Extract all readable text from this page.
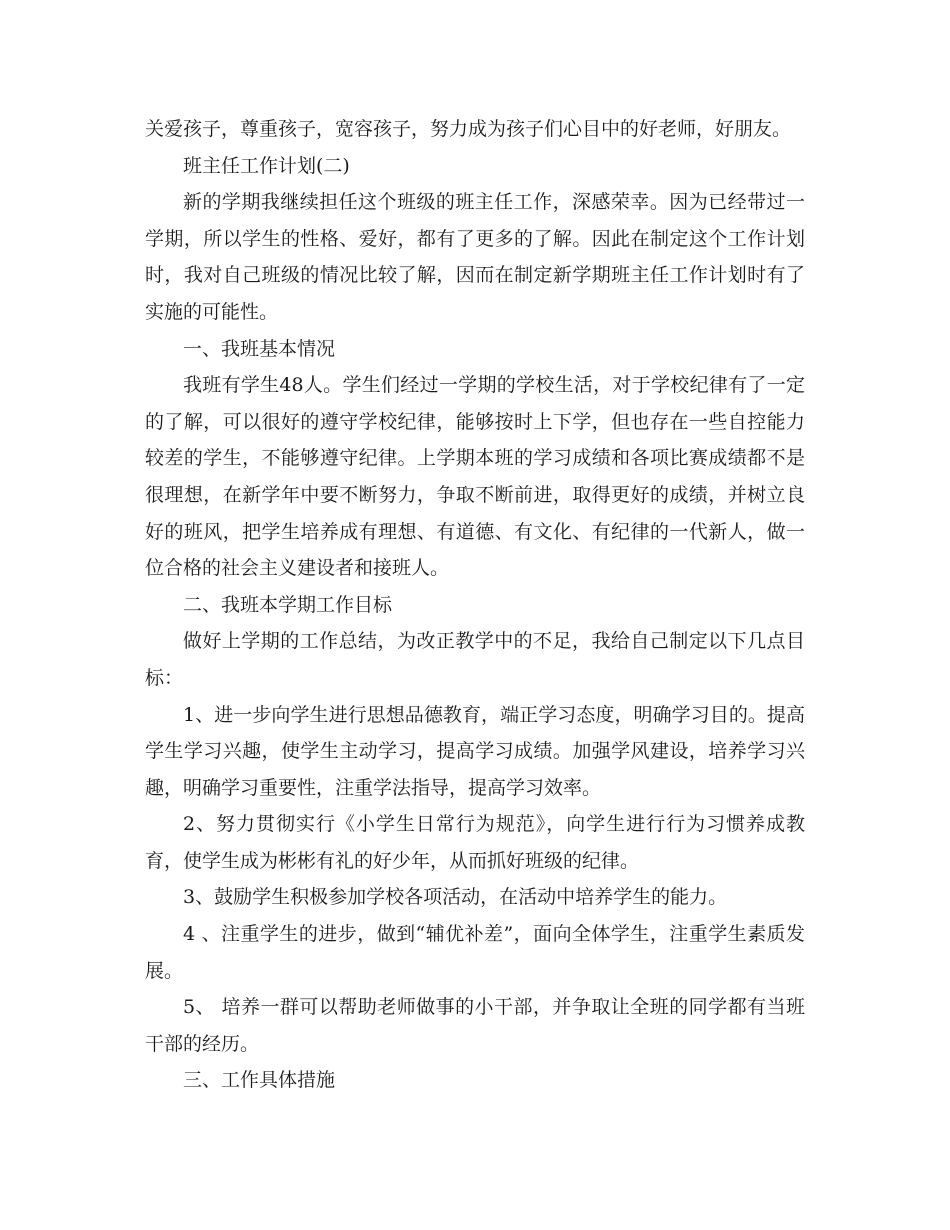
关爱孩子，尊重孩子，宽容孩子，努力成为孩子们心目中的好老师，好朋友。

班主任工作计划(二)

新的学期我继续担任这个班级的班主任工作，深感荣幸。因为已经带过一学期，所以学生的性格、爱好，都有了更多的了解。因此在制定这个工作计划时，我对自己班级的情况比较了解，因而在制定新学期班主任工作计划时有了实施的可能性。

一、我班基本情况

我班有学生48人。学生们经过一学期的学校生活，对于学校纪律有了一定的了解，可以很好的遵守学校纪律，能够按时上下学，但也存在一些自控能力较差的学生，不能够遵守纪律。上学期本班的学习成绩和各项比赛成绩都不是很理想，在新学年中要不断努力，争取不断前进，取得更好的成绩，并树立良好的班风，把学生培养成有理想、有道德、有文化、有纪律的一代新人，做一位合格的社会主义建设者和接班人。

二、我班本学期工作目标

做好上学期的工作总结，为改正教学中的不足，我给自己制定以下几点目标：

1、进一步向学生进行思想品德教育，端正学习态度，明确学习目的。提高学生学习兴趣，使学生主动学习，提高学习成绩。加强学风建设，培养学习兴趣，明确学习重要性，注重学法指导，提高学习效率。

2、努力贯彻实行《小学生日常行为规范》，向学生进行行为习惯养成教育，使学生成为彬彬有礼的好少年，从而抓好班级的纪律。

3、鼓励学生积极参加学校各项活动，在活动中培养学生的能力。

4 、注重学生的进步，做到“辅优补差”，面向全体学生，注重学生素质发展。

5、 培养一群可以帮助老师做事的小干部，并争取让全班的同学都有当班干部的经历。

三、工作具体措施
